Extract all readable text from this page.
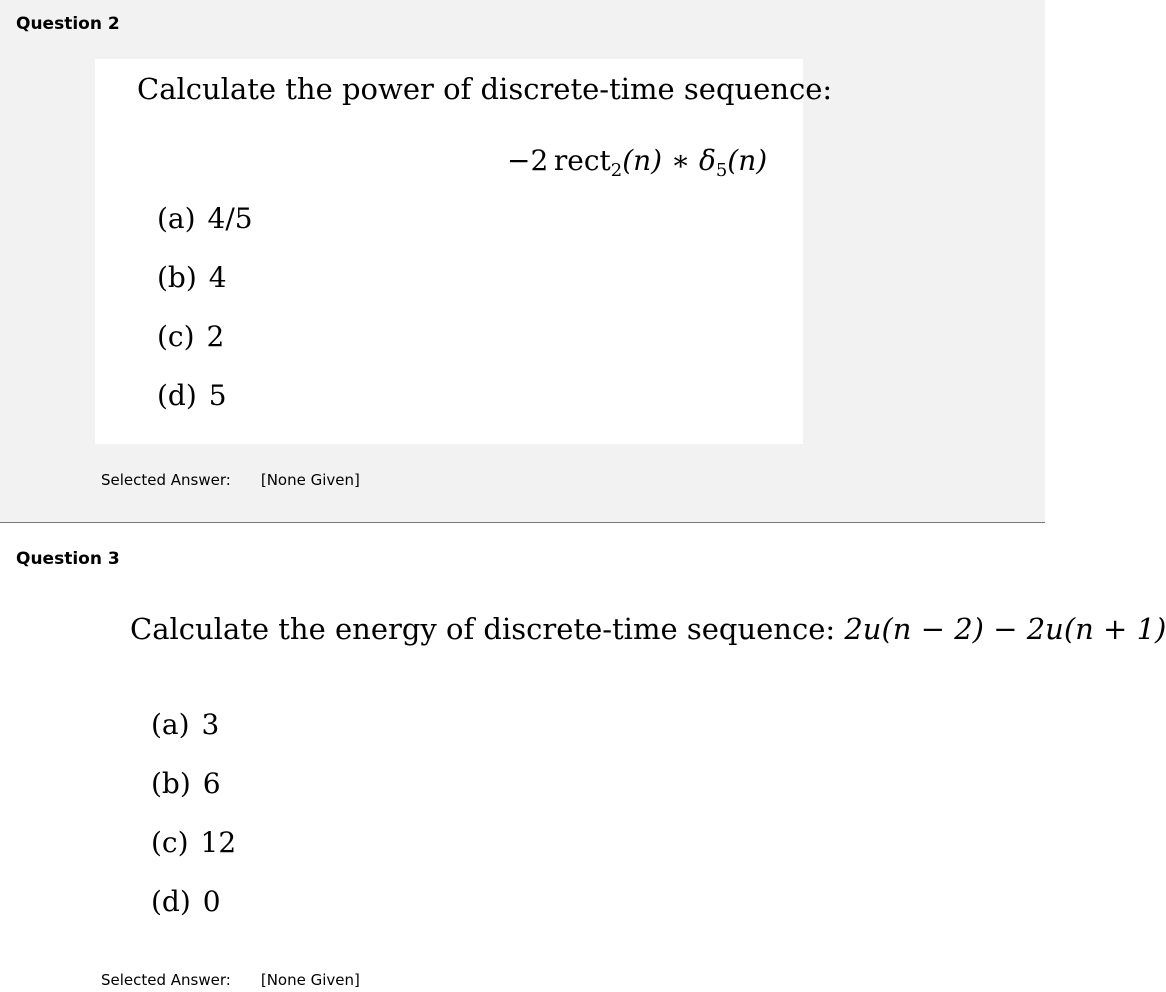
Question 2
Calculate the power of discrete-time sequence:
−2  rect$_2$(n) ∗ $\delta_5(n)$
(a) 4/5
(b) 4
(c) 2
(d) 5
Selected Answer: [None Given]
Question 3
Calculate the energy of discrete-time sequence: 2u(n − 2) − 2u(n + 1)
(a) 3
(b) 6
(c) 12
(d) 0
Selected Answer: [None Given]
